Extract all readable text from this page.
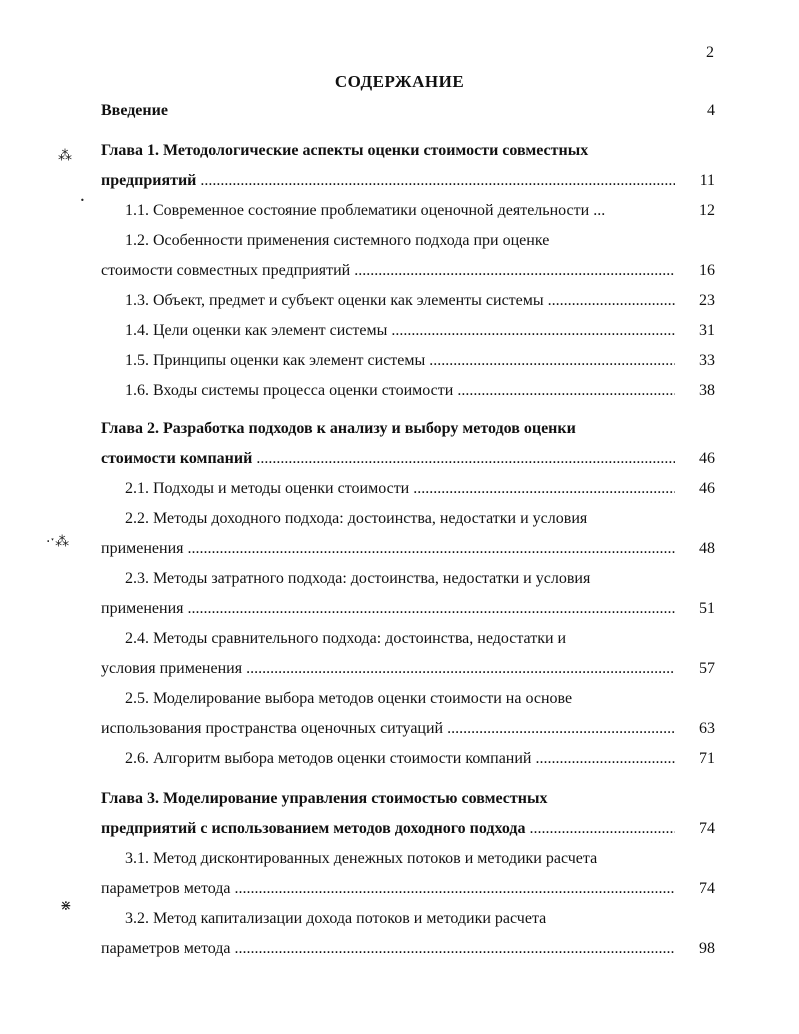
2
СОДЕРЖАНИЕ
Введение	4
Глава 1. Методологические аспекты оценки стоимости совместных
предприятий .....	11
1.1. Современное состояние проблематики оценочной деятельности ...	12
1.2. Особенности применения системного подхода при оценке
стоимости совместных предприятий .....	16
1.3. Объект, предмет и субъект оценки как элементы системы .....	23
1.4. Цели оценки как элемент системы .....	31
1.5. Принципы оценки как элемент системы .....	33
1.6. Входы системы процесса оценки стоимости .....	38
Глава 2. Разработка подходов к анализу и выбору методов оценки
стоимости компаний .....	46
2.1. Подходы и методы оценки стоимости .....	46
2.2. Методы доходного подхода: достоинства, недостатки и условия
применения .....	48
2.3. Методы затратного подхода: достоинства, недостатки и условия
применения .....	51
2.4. Методы сравнительного подхода: достоинства, недостатки и
условия применения .....	57
2.5. Моделирование выбора методов оценки стоимости на основе
использования пространства оценочных ситуаций .....	63
2.6. Алгоритм выбора методов оценки стоимости компаний .....	71
Глава 3. Моделирование управления стоимостью совместных
предприятий с использованием методов доходного подхода .....	74
3.1. Метод дисконтированных денежных потоков и методики расчета
параметров метода .....	74
3.2. Метод капитализации дохода потоков и методики расчета
параметров метода .....	98
⁂
•
·ˑ⁂
⋇
